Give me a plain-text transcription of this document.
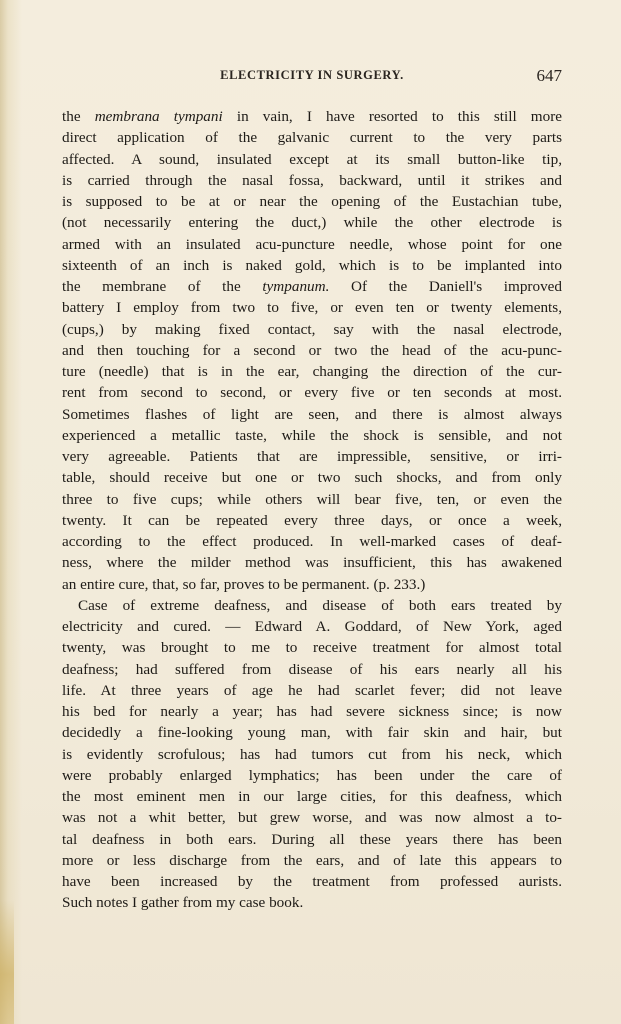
ELECTRICITY IN SURGERY.	647
the membrana tympani in vain, I have resorted to this still more
direct application of the galvanic current to the very parts
affected. A sound, insulated except at its small button-like tip,
is carried through the nasal fossa, backward, until it strikes and
is supposed to be at or near the opening of the Eustachian tube,
(not necessarily entering the duct,) while the other electrode is
armed with an insulated acu-puncture needle, whose point for one
sixteenth of an inch is naked gold, which is to be implanted into
the membrane of the tympanum. Of the Daniell's improved
battery I employ from two to five, or even ten or twenty elements,
(cups,) by making fixed contact, say with the nasal electrode,
and then touching for a second or two the head of the acu-punc-
ture (needle) that is in the ear, changing the direction of the cur-
rent from second to second, or every five or ten seconds at most.
Sometimes flashes of light are seen, and there is almost always
experienced a metallic taste, while the shock is sensible, and not
very agreeable. Patients that are impressible, sensitive, or irri-
table, should receive but one or two such shocks, and from only
three to five cups; while others will bear five, ten, or even the
twenty. It can be repeated every three days, or once a week,
according to the effect produced. In well-marked cases of deaf-
ness, where the milder method was insufficient, this has awakened
an entire cure, that, so far, proves to be permanent. (p. 233.)
Case of extreme deafness, and disease of both ears treated by
electricity and cured. — Edward A. Goddard, of New York, aged
twenty, was brought to me to receive treatment for almost total
deafness; had suffered from disease of his ears nearly all his
life. At three years of age he had scarlet fever; did not leave
his bed for nearly a year; has had severe sickness since; is now
decidedly a fine-looking young man, with fair skin and hair, but
is evidently scrofulous; has had tumors cut from his neck, which
were probably enlarged lymphatics; has been under the care of
the most eminent men in our large cities, for this deafness, which
was not a whit better, but grew worse, and was now almost a to-
tal deafness in both ears. During all these years there has been
more or less discharge from the ears, and of late this appears to
have been increased by the treatment from professed aurists.
Such notes I gather from my case book.
